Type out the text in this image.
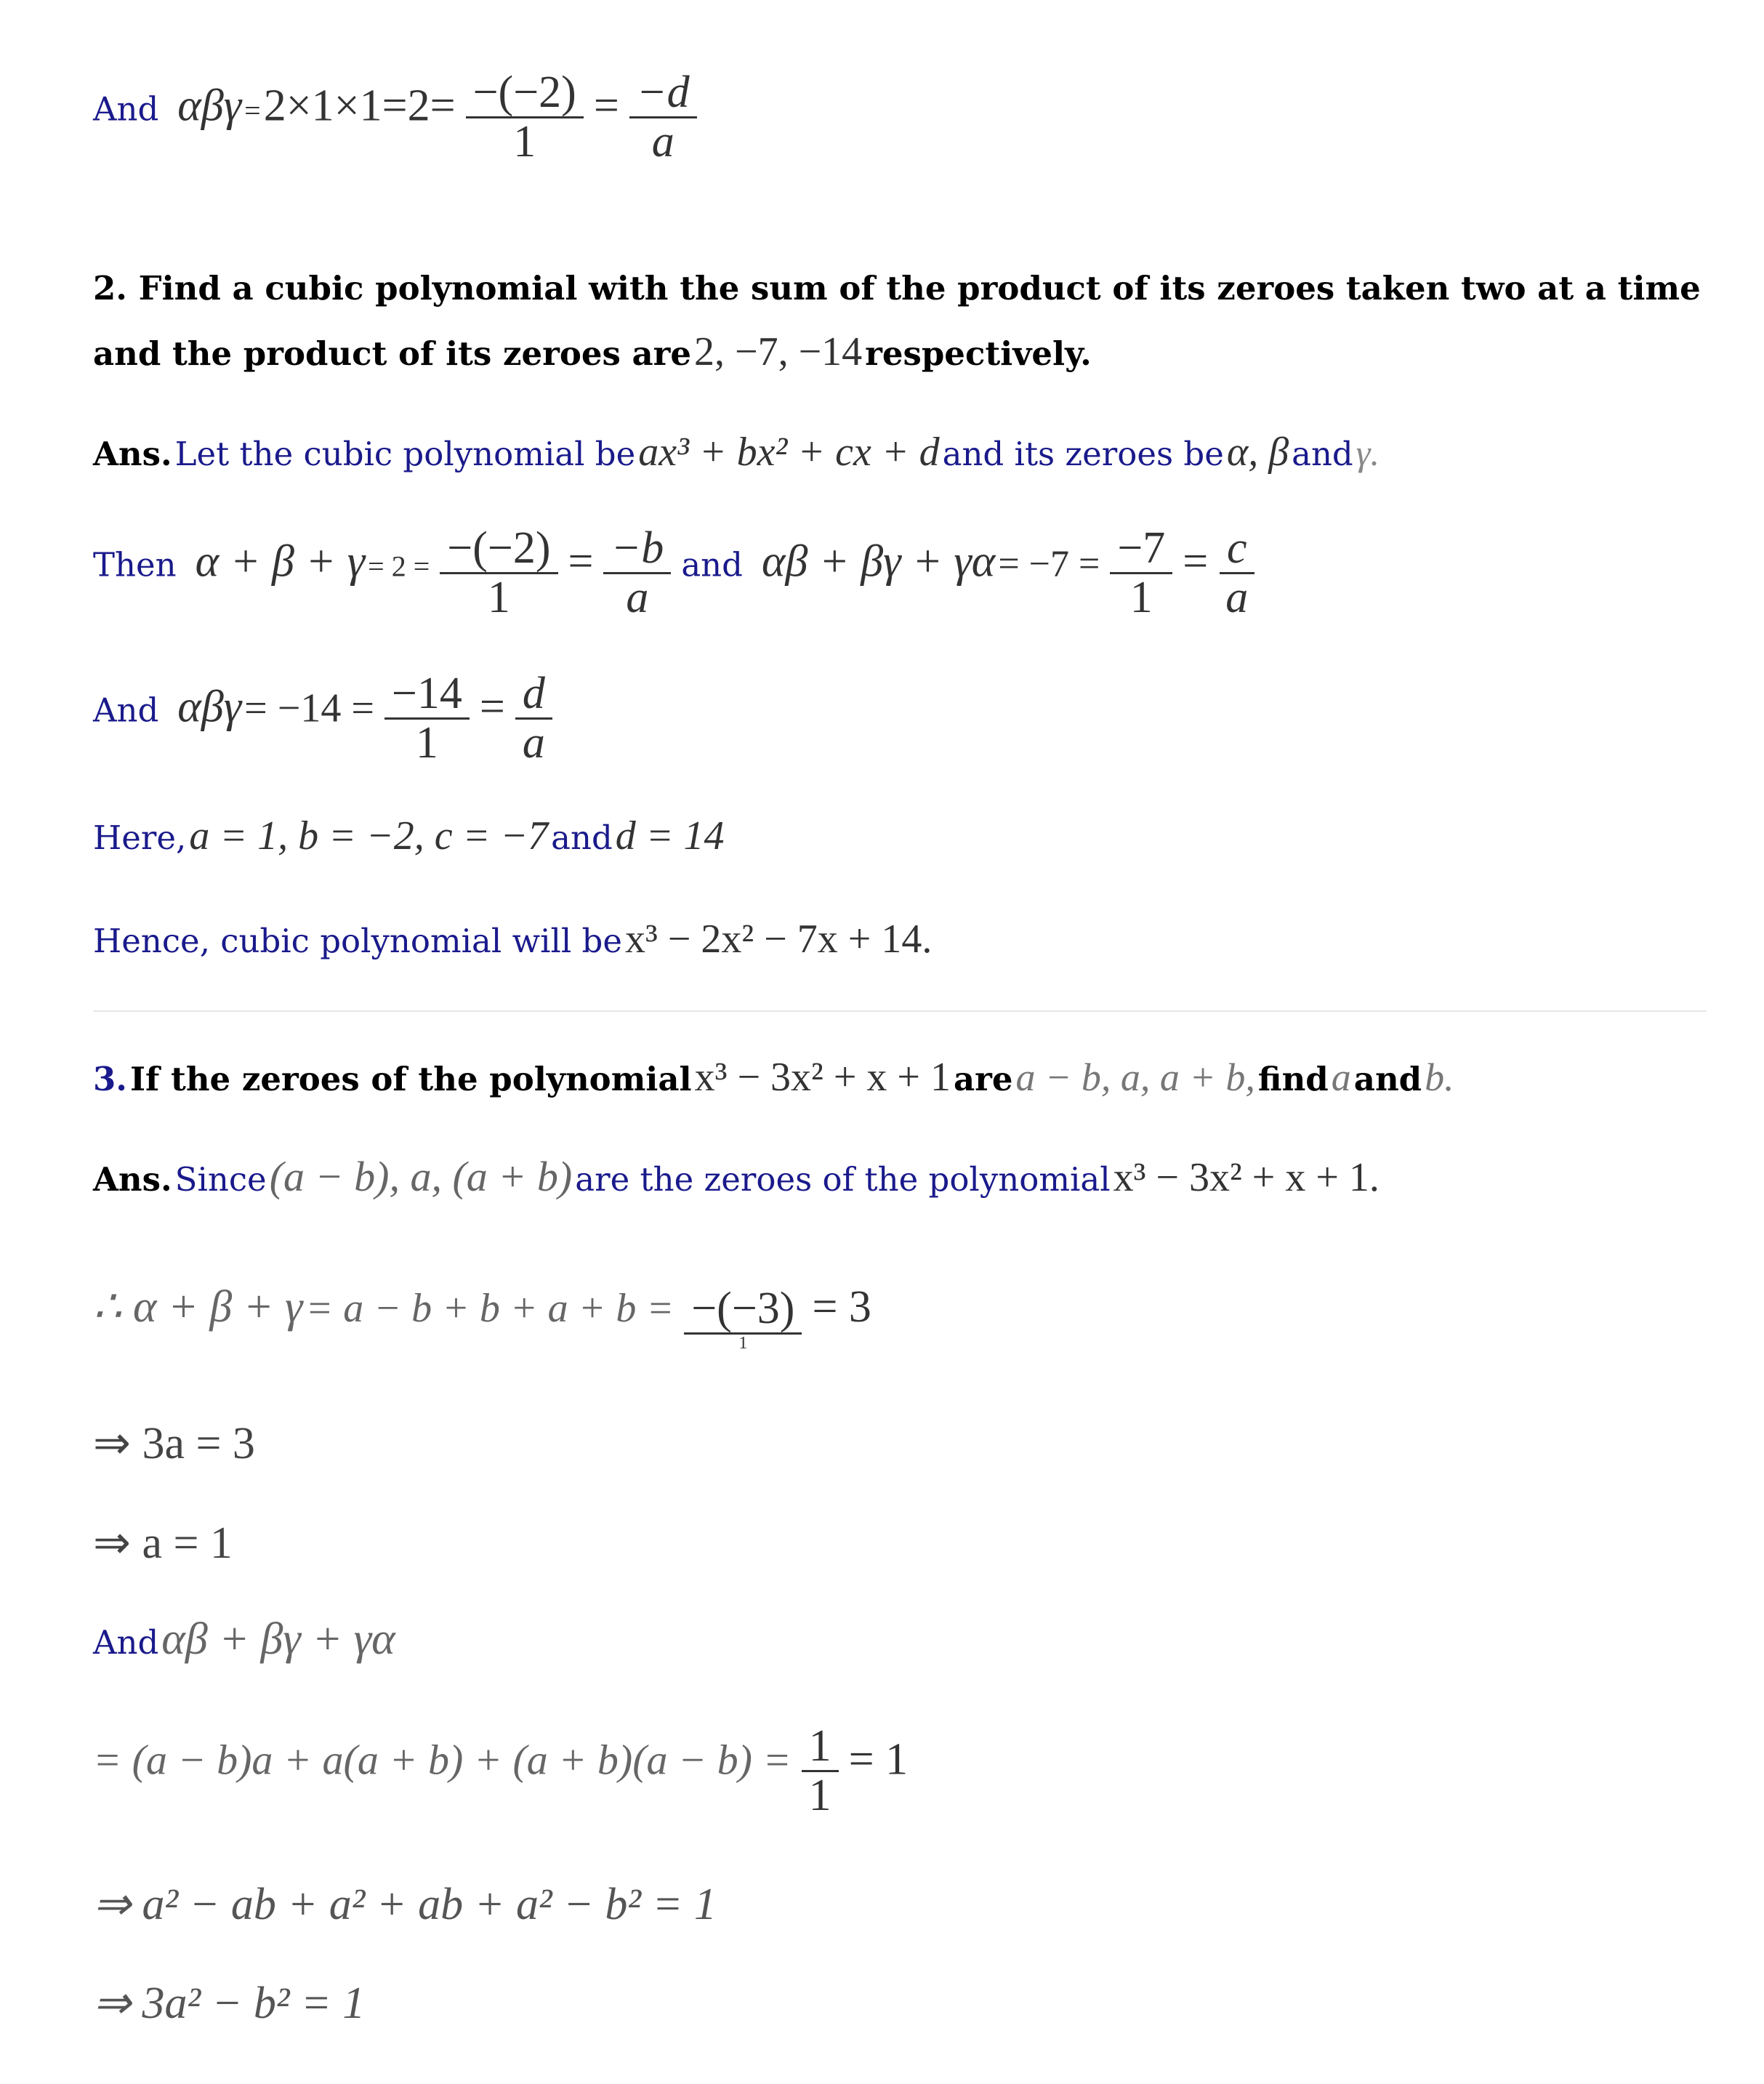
And $\alpha\beta\gamma = 2\times 1\times 1=2= \frac{-(-2)}{1} = \frac{-d}{a}$
2. Find a cubic polynomial with the sum of the product of its zeroes taken two at a time
and the product of its zeroes are 2, −7, −14 respectively.
Ans. Let the cubic polynomial be ax³ + bx² + cx + d and its zeroes be α, β and γ.
Then $\alpha + \beta + \gamma = 2 = \frac{-(-2)}{1} = \frac{-b}{a}$ and $\alpha\beta + \beta\gamma + \gamma\alpha = -7 = \frac{-7}{1} = \frac{c}{a}$
And $\alpha\beta\gamma = -14 = \frac{-14}{1} = \frac{d}{a}$
Here, a = 1, b = −2, c = −7 and d = 14
Hence, cubic polynomial will be x³ − 2x² − 7x + 14.
3. If the zeroes of the polynomial x³ − 3x² + x + 1 are a − b, a, a + b, find a and b.
Ans. Since (a − b), a, (a + b) are the zeroes of the polynomial x³ − 3x² + x + 1.
∴ $\alpha + \beta + \gamma = a - b + b + a + b = \frac{-(-3)}{1} = 3$
⇒ 3a = 3
⇒ a = 1
And αβ + βγ + γα
= $(a - b)a + a(a + b) + (a + b)(a - b) = \frac{1}{1} = 1$
⇒ a² − ab + a² + ab + a² − b² = 1
⇒ 3a² − b² = 1
